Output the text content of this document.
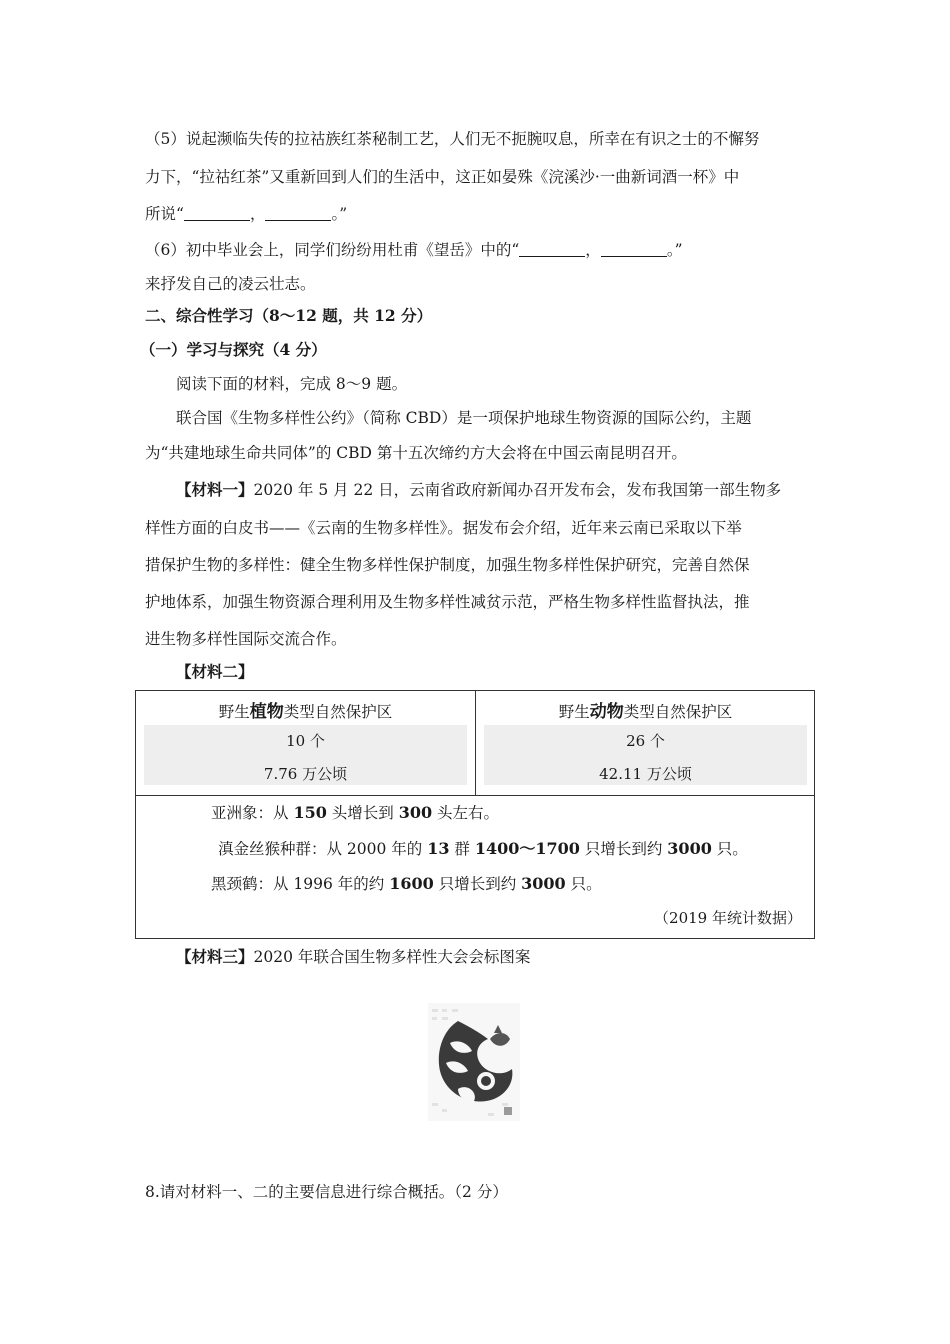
（5）说起濒临失传的拉祜族红茶秘制工艺，人们无不扼腕叹息，所幸在有识之士的不懈努
力下，“拉祜红茶”又重新回到人们的生活中，这正如晏殊《浣溪沙·一曲新词酒一杯》中
所说“	，	。”
（6）初中毕业会上，同学们纷纷用杜甫《望岳》中的“	，	。”
来抒发自己的凌云壮志。
二、综合性学习（8～12 题，共 12 分）
（一）学习与探究（4 分）
阅读下面的材料，完成 8～9 题。
联合国《生物多样性公约》（简称 CBD）是一项保护地球生物资源的国际公约，主题
为“共建地球生命共同体”的 CBD 第十五次缔约方大会将在中国云南昆明召开。
【材料一】2020 年 5 月 22 日，云南省政府新闻办召开发布会，发布我国第一部生物多
样性方面的白皮书——《云南的生物多样性》。据发布会介绍，近年来云南已采取以下举
措保护生物的多样性：健全生物多样性保护制度，加强生物多样性保护研究，完善自然保
护地体系，加强生物资源合理利用及生物多样性减贫示范，严格生物多样性监督执法，推
进生物多样性国际交流合作。
【材料二】
野生植物类型自然保护区
10 个
7.76 万公顷
野生动物类型自然保护区
26 个
42.11 万公顷
亚洲象：从 150 头增长到 300 头左右。
滇金丝猴种群：从 2000 年的 13 群 1400～1700 只增长到约 3000 只。
黑颈鹤：从 1996 年的约 1600 只增长到约 3000 只。
（2019 年统计数据）
【材料三】2020 年联合国生物多样性大会会标图案
8.请对材料一、二的主要信息进行综合概括。（2 分）
